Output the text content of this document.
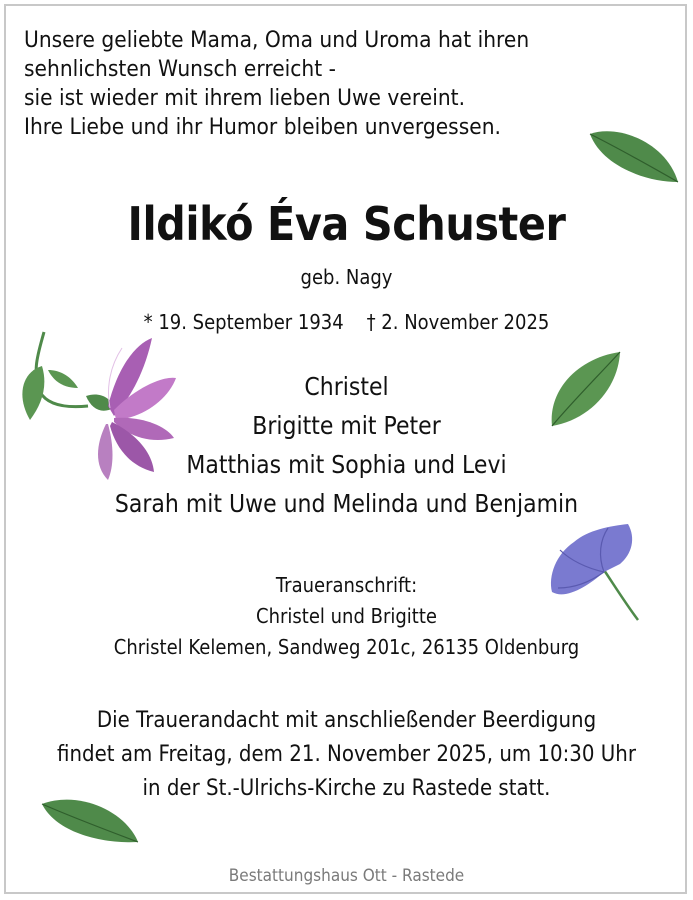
Unsere geliebte Mama, Oma und Uroma hat ihren
sehnlichsten Wunsch erreicht -
sie ist wieder mit ihrem lieben Uwe vereint.
Ihre Liebe und ihr Humor bleiben unvergessen.
Ildikó Éva Schuster
geb. Nagy
* 19. September 1934    † 2. November 2025
Christel
Brigitte mit Peter
Matthias mit Sophia und Levi
Sarah mit Uwe und Melinda und Benjamin
Traueranschrift:
Christel und Brigitte
Christel Kelemen, Sandweg 201c, 26135 Oldenburg
Die Trauerandacht mit anschließender Beerdigung
findet am Freitag, dem 21. November 2025, um 10:30 Uhr
in der St.-Ulrichs-Kirche zu Rastede statt.
Bestattungshaus Ott - Rastede
